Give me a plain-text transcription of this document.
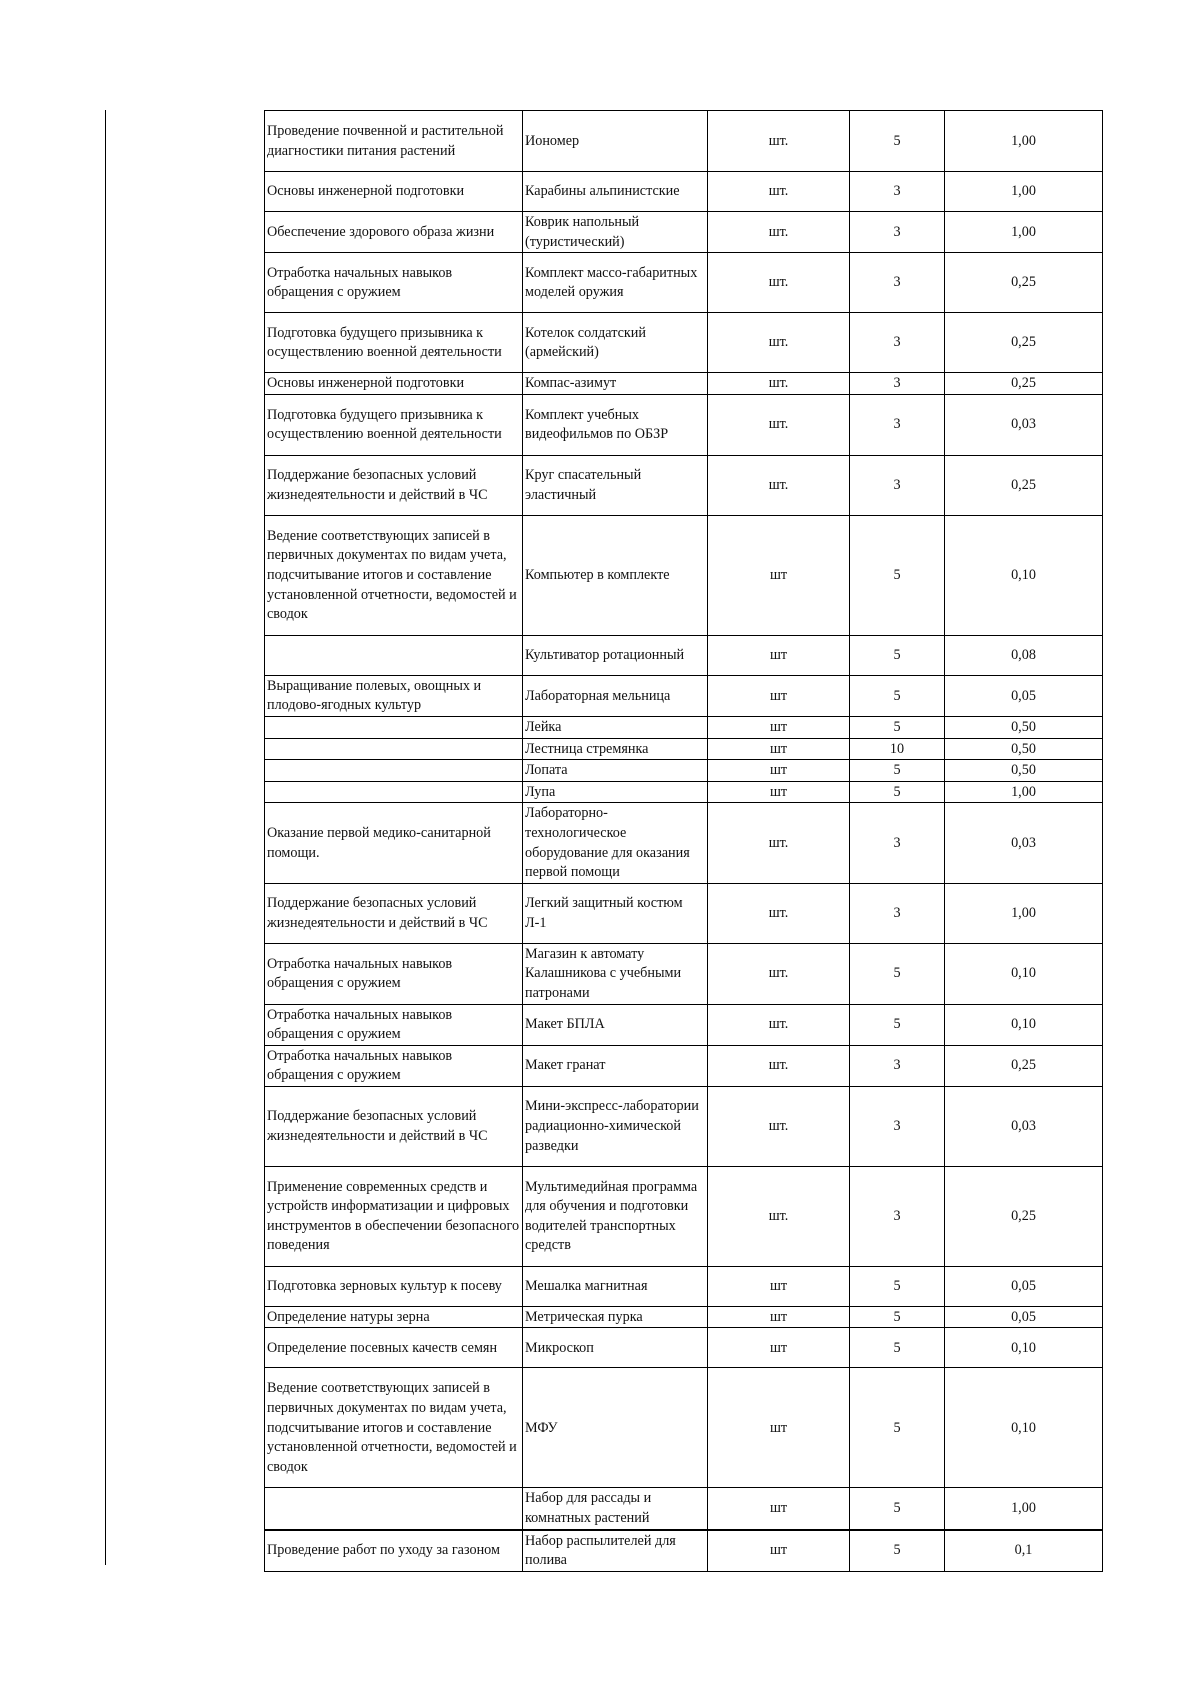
Проведение почвенной и растительной диагностики питания растений	Иономер	шт.	5	1,00
Основы инженерной подготовки	Карабины альпинистские	шт.	3	1,00
Обеспечение здорового образа жизни	Коврик напольный (туристический)	шт.	3	1,00
Отработка начальных навыков обращения с оружием	Комплект массо-габаритных моделей оружия	шт.	3	0,25
Подготовка будущего призывника к осуществлению военной деятельности	Котелок солдатский (армейский)	шт.	3	0,25
Основы инженерной подготовки	Компас-азимут	шт.	3	0,25
Подготовка будущего призывника к осуществлению военной деятельности	Комплект учебных видеофильмов по ОБЗР	шт.	3	0,03
Поддержание безопасных условий жизнедеятельности и действий в ЧС	Круг спасательный эластичный	шт.	3	0,25
Ведение соответствующих записей в первичных документах по видам учета, подсчитывание итогов и составление установленной отчетности, ведомостей и сводок	Компьютер в комплекте	шт	5	0,10
	Культиватор ротационный	шт	5	0,08
Выращивание полевых, овощных и плодово-ягодных культур	Лабораторная мельница	шт	5	0,05
	Лейка	шт	5	0,50
	Лестница стремянка	шт	10	0,50
	Лопата	шт	5	0,50
	Лупа	шт	5	1,00
Оказание первой медико-санитарной помощи.	Лабораторно-технологическое оборудование для оказания первой помощи	шт.	3	0,03
Поддержание безопасных условий жизнедеятельности и действий в ЧС	Легкий защитный костюм Л-1	шт.	3	1,00
Отработка начальных навыков обращения с оружием	Магазин к автомату Калашникова с учебными патронами	шт.	5	0,10
Отработка начальных навыков обращения с оружием	Макет БПЛА	шт.	5	0,10
Отработка начальных навыков обращения с оружием	Макет гранат	шт.	3	0,25
Поддержание безопасных условий жизнедеятельности и действий в ЧС	Мини-экспресс-лаборатории радиационно-химической разведки	шт.	3	0,03
Применение современных средств и устройств информатизации и цифровых инструментов в обеспечении безопасного поведения	Мультимедийная программа для обучения и подготовки водителей транспортных средств	шт.	3	0,25
Подготовка зерновых культур к посеву	Мешалка магнитная	шт	5	0,05
Определение натуры зерна	Метрическая пурка	шт	5	0,05
Определение посевных качеств семян	Микроскоп	шт	5	0,10
Ведение соответствующих записей в первичных документах по видам учета, подсчитывание итогов и составление установленной отчетности, ведомостей и сводок	МФУ	шт	5	0,10
	Набор для рассады и комнатных растений	шт	5	1,00
Проведение работ по уходу за газоном	Набор распылителей для полива	шт	5	0,1
